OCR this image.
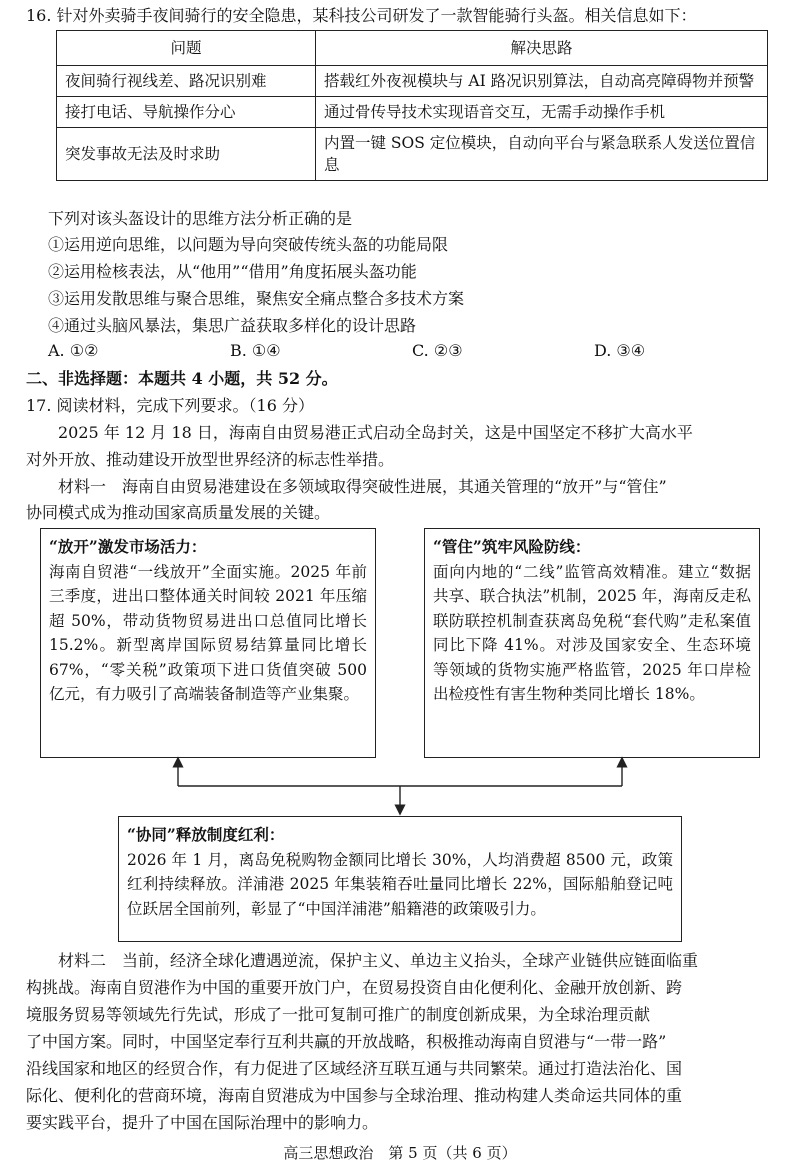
16. 针对外卖骑手夜间骑行的安全隐患，某科技公司研发了一款智能骑行头盔。相关信息如下：
问题	解决思路
夜间骑行视线差、路况识别难	搭载红外夜视模块与 AI 路况识别算法，自动高亮障碍物并预警
接打电话、导航操作分心	通过骨传导技术实现语音交互，无需手动操作手机
突发事故无法及时求助	内置一键 SOS 定位模块，自动向平台与紧急联系人发送位置信息
下列对该头盔设计的思维方法分析正确的是
①运用逆向思维，以问题为导向突破传统头盔的功能局限
②运用检核表法，从“他用”“借用”角度拓展头盔功能
③运用发散思维与聚合思维，聚焦安全痛点整合多技术方案
④通过头脑风暴法，集思广益获取多样化的设计思路
A. ①②	B. ①④	C. ②③	D. ③④
二、非选择题：本题共 4 小题，共 52 分。
17. 阅读材料，完成下列要求。（16 分）
2025 年 12 月 18 日，海南自由贸易港正式启动全岛封关，这是中国坚定不移扩大高水平
对外开放、推动建设开放型世界经济的标志性举措。
材料一　海南自由贸易港建设在多领域取得突破性进展，其通关管理的“放开”与“管住”
协同模式成为推动国家高质量发展的关键。
“放开”激发市场活力：
海南自贸港“一线放开”全面实施。2025 年前三季度，进出口整体通关时间较 2021 年压缩超 50%，带动货物贸易进出口总值同比增长 15.2%。新型离岸国际贸易结算量同比增长 67%，“零关税”政策项下进口货值突破 500 亿元，有力吸引了高端装备制造等产业集聚。
“管住”筑牢风险防线：
面向内地的“二线”监管高效精准。建立“数据共享、联合执法”机制，2025 年，海南反走私联防联控机制查获离岛免税“套代购”走私案值同比下降 41%。对涉及国家安全、生态环境等领域的货物实施严格监管，2025 年口岸检出检疫性有害生物种类同比增长 18%。
“协同”释放制度红利：
2026 年 1 月，离岛免税购物金额同比增长 30%，人均消费超 8500 元，政策红利持续释放。洋浦港 2025 年集装箱吞吐量同比增长 22%，国际船舶登记吨位跃居全国前列，彰显了“中国洋浦港”船籍港的政策吸引力。
材料二　当前，经济全球化遭遇逆流，保护主义、单边主义抬头，全球产业链供应链面临重
构挑战。海南自贸港作为中国的重要开放门户，在贸易投资自由化便利化、金融开放创新、跨
境服务贸易等领域先行先试，形成了一批可复制可推广的制度创新成果，为全球治理贡献
了中国方案。同时，中国坚定奉行互利共赢的开放战略，积极推动海南自贸港与“一带一路”
沿线国家和地区的经贸合作，有力促进了区域经济互联互通与共同繁荣。通过打造法治化、国
际化、便利化的营商环境，海南自贸港成为中国参与全球治理、推动构建人类命运共同体的重
要实践平台，提升了中国在国际治理中的影响力。
高三思想政治　第 5 页（共 6 页）
